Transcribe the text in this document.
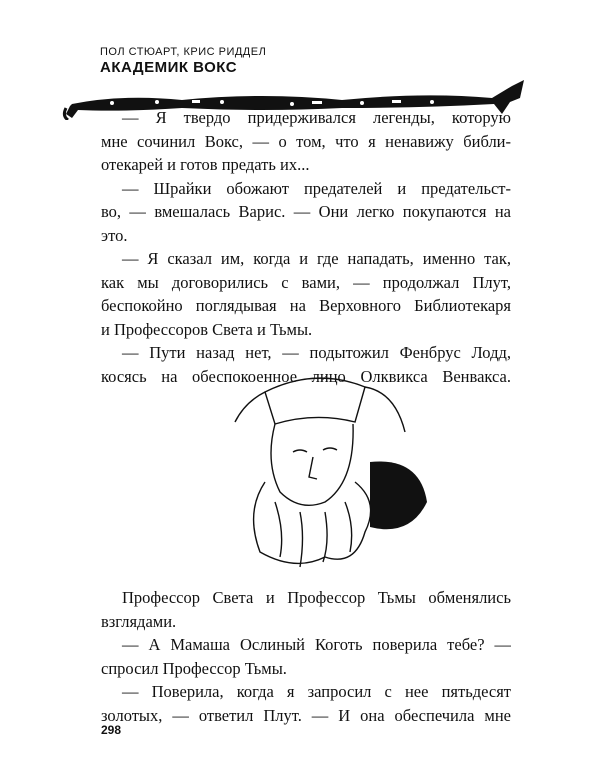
ПОЛ СТЮАРТ, КРИС РИДДЕЛ
АКАДЕМИК ВОКС
— Я твердо придерживался легенды, которую
мне сочинил Вокс, — о том, что я ненавижу библи-
отекарей и готов предать их...
— Шрайки обожают предателей и предательст-
во, — вмешалась Варис. — Они легко покупаются на
это.
— Я сказал им, когда и где нападать, именно так,
как мы договорились с вами, — продолжал Плут,
беспокойно поглядывая на Верховного Библиотекаря
и Профессоров Света и Тьмы.
— Пути назад нет, — подытожил Фенбрус Лодд,
косясь на обеспокоенное лицо Олквикса Венвакса.
Профессор Света и Профессор Тьмы обменялись
взглядами.
— А Мамаша Ослиный Коготь поверила тебе? —
спросил Профессор Тьмы.
— Поверила, когда я запросил с нее пятьдесят
золотых, — ответил Плут. — И она обеспечила мне
298
